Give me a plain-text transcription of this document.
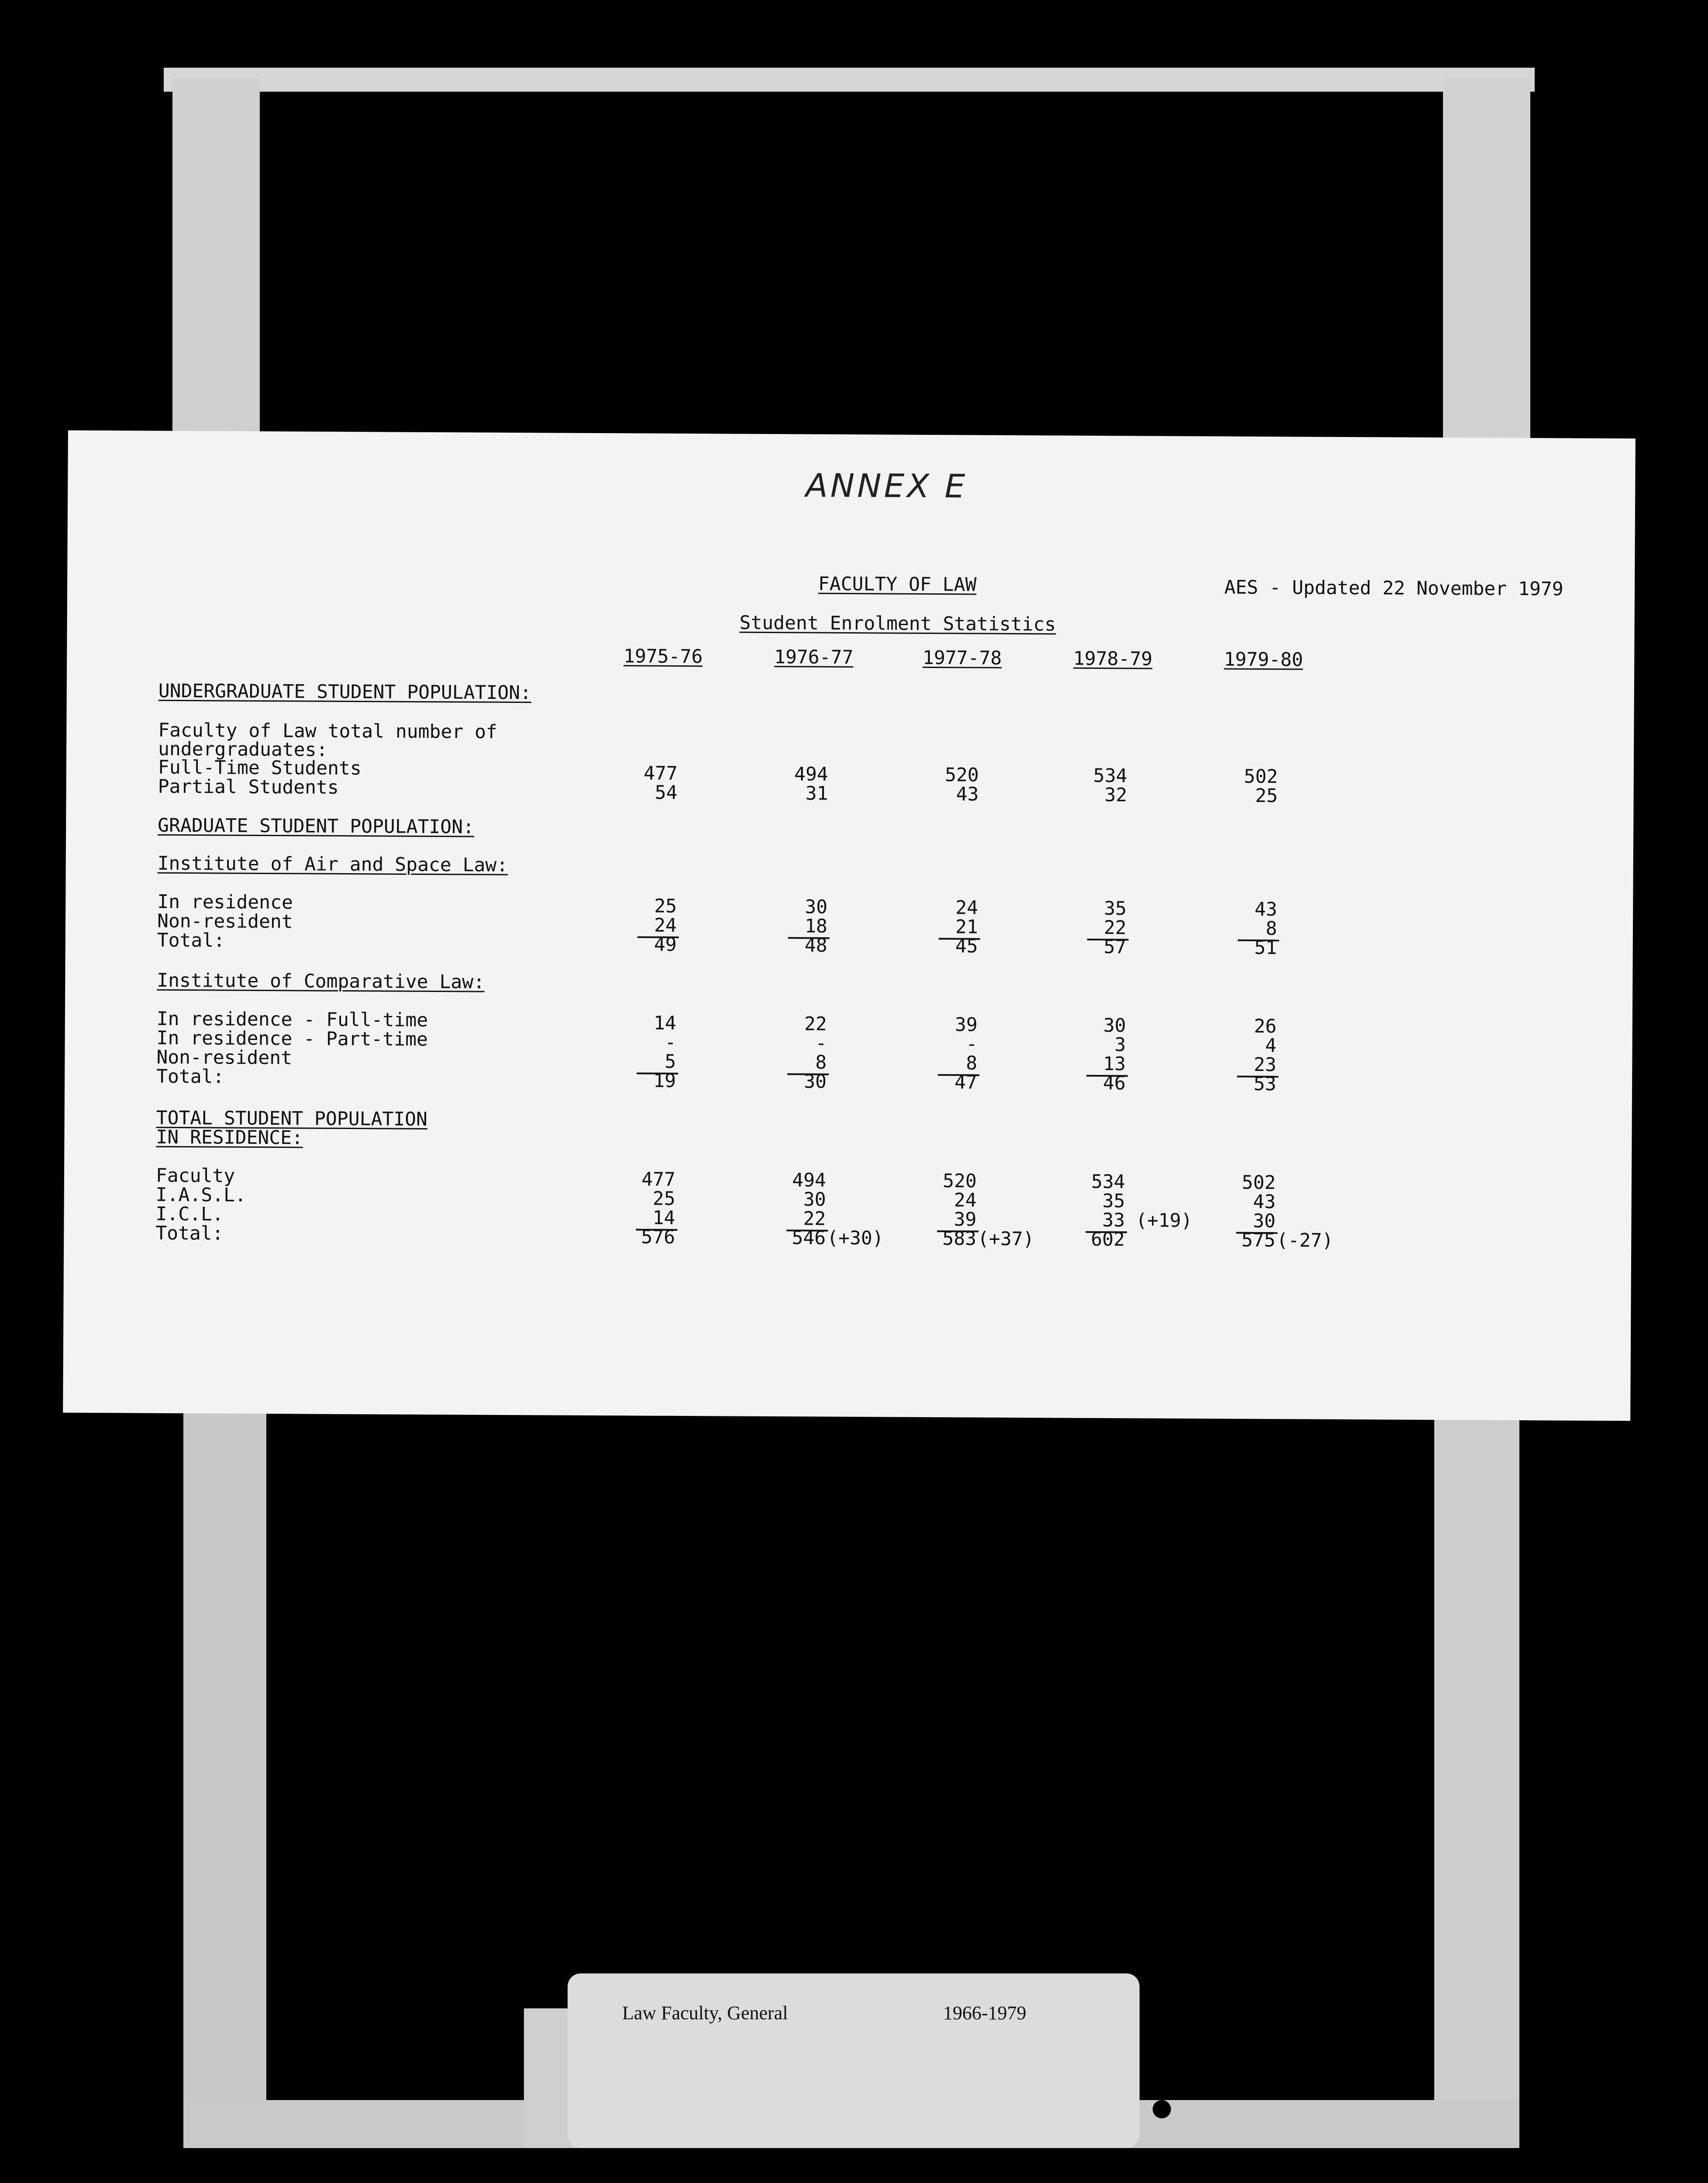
ANNEX E
FACULTY OF LAW	AES - Updated 22 November 1979
Student Enrolment Statistics
1975-76	1976-77	1977-78	1978-79	1979-80
UNDERGRADUATE STUDENT POPULATION:
Faculty of Law total number of
undergraduates:
Full-Time Students	477	494	520	534	502
Partial Students	54	31	43	32	25
GRADUATE STUDENT POPULATION:
Institute of Air and Space Law:
In residence	25	30	24	35	43
Non-resident	24	18	21	22	8
Total:	49	48	45	57	51
Institute of Comparative Law:
In residence - Full-time	14	22	39	30	26
In residence - Part-time	-	-	-	3	4
Non-resident	5	8	8	13	23
Total:	19	30	47	46	53
TOTAL STUDENT POPULATION
IN RESIDENCE:
Faculty	477	494	520	534	502
I.A.S.L.	25	30	24	35	43
I.C.L.	14	22	39	33 (+19)	30
Total:	576	546 (+30)	583 (+37)	602	575 (-27)
Law Faculty, General	1966-1979
